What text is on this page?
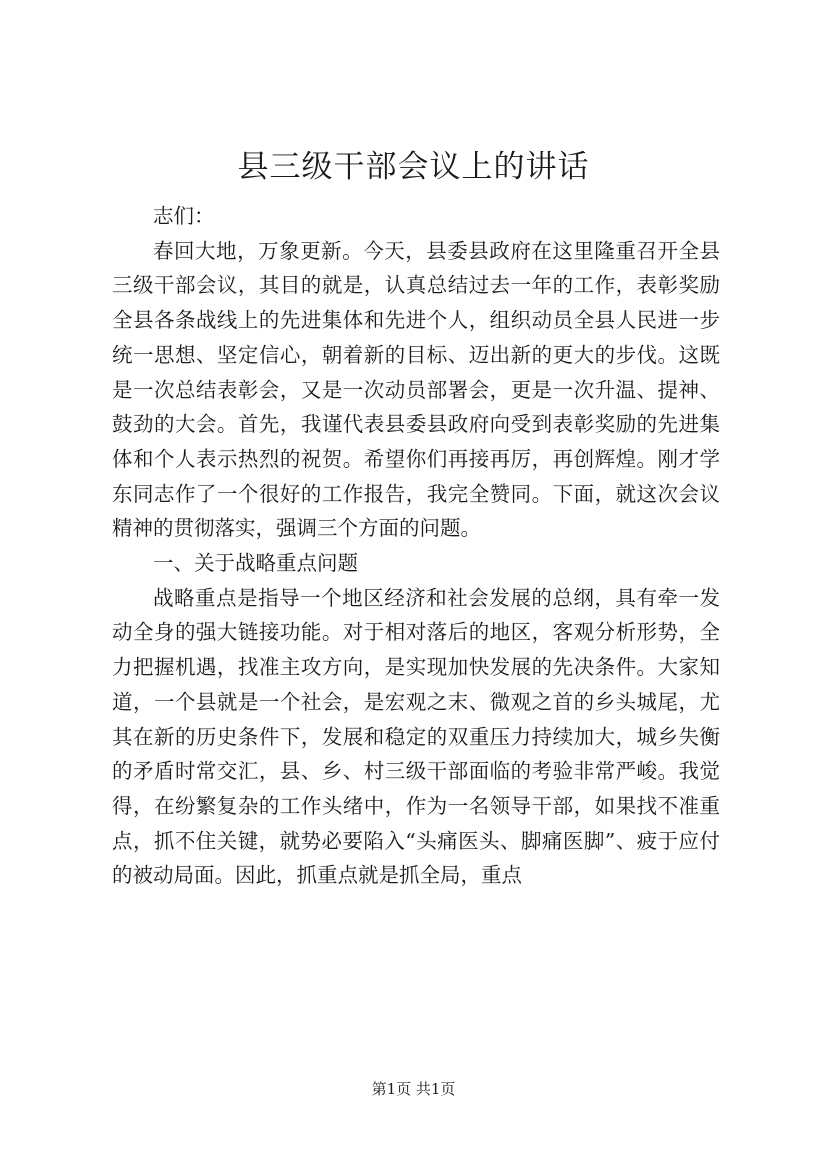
县三级干部会议上的讲话

志们：

春回大地，万象更新。今天，县委县政府在这里隆重召开全县三级干部会议，其目的就是，认真总结过去一年的工作，表彰奖励全县各条战线上的先进集体和先进个人，组织动员全县人民进一步统一思想、坚定信心，朝着新的目标、迈出新的更大的步伐。这既是一次总结表彰会，又是一次动员部署会，更是一次升温、提神、鼓劲的大会。首先，我谨代表县委县政府向受到表彰奖励的先进集体和个人表示热烈的祝贺。希望你们再接再厉，再创辉煌。刚才学东同志作了一个很好的工作报告，我完全赞同。下面，就这次会议精神的贯彻落实，强调三个方面的问题。

一、关于战略重点问题

战略重点是指导一个地区经济和社会发展的总纲，具有牵一发动全身的强大链接功能。对于相对落后的地区，客观分析形势，全力把握机遇，找准主攻方向，是实现加快发展的先决条件。大家知道，一个县就是一个社会，是宏观之末、微观之首的乡头城尾，尤其在新的历史条件下，发展和稳定的双重压力持续加大，城乡失衡的矛盾时常交汇，县、乡、村三级干部面临的考验非常严峻。我觉得，在纷繁复杂的工作头绪中，作为一名领导干部，如果找不准重点，抓不住关键，就势必要陷入“头痛医头、脚痛医脚”、疲于应付的被动局面。因此，抓重点就是抓全局，重点

第1页 共1页
